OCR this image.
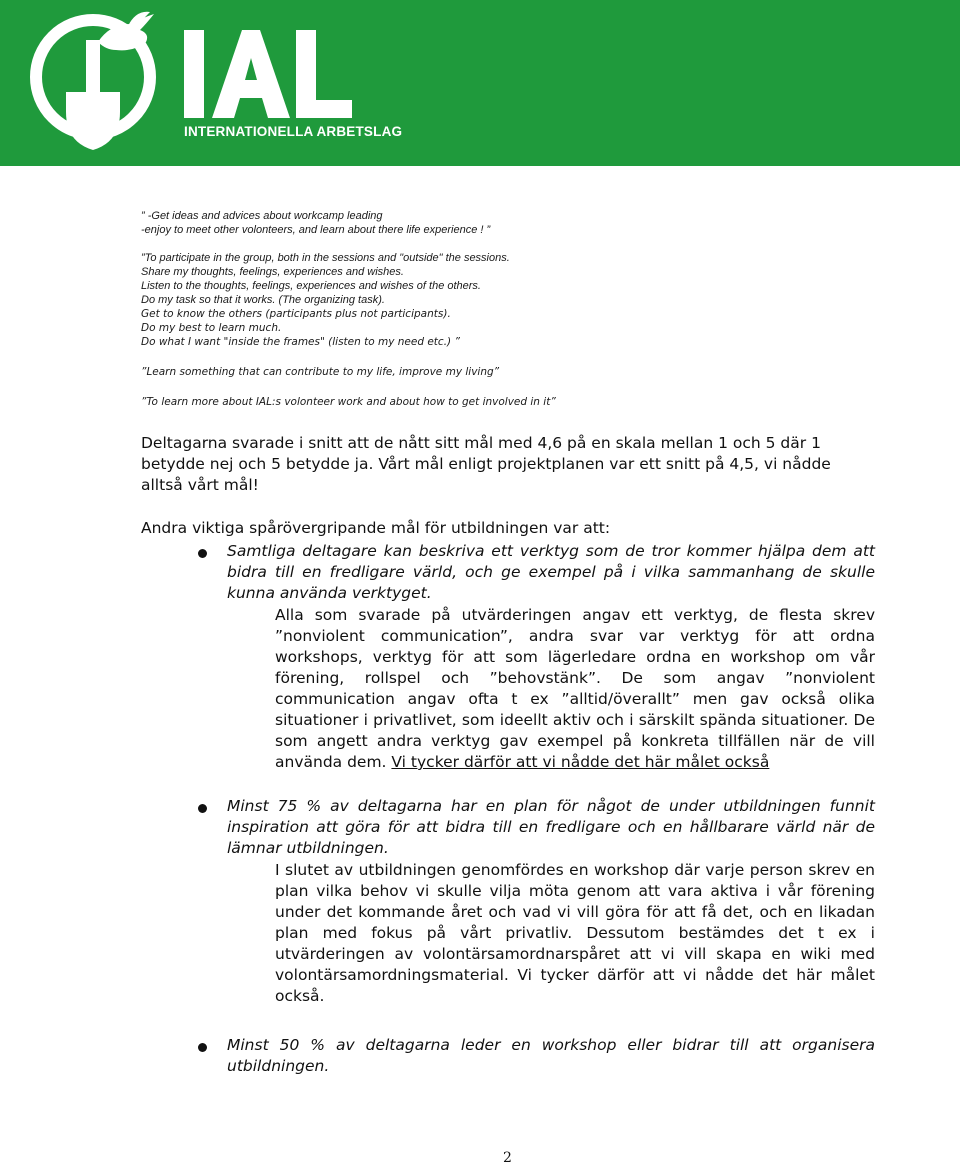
INTERNATIONELLA ARBETSLAG
” -Get ideas and advices about workcamp leading
-enjoy to meet other volonteers, and learn about there life experience ! ”
”To participate in the group, both in the sessions and "outside" the sessions.
Share my thoughts, feelings, experiences and wishes.
Listen to the thoughts, feelings, experiences and wishes of the others.
Do my task so that it works. (The organizing task).
Get to know the others (participants plus not participants).
Do my best to learn much.
Do what I want "inside the frames" (listen to my need etc.) ”
”Learn something that can contribute to my life, improve my living”
”To learn more about IAL:s volonteer work and about how to get involved in it”
Deltagarna svarade i snitt att de nått sitt mål med 4,6 på en skala mellan 1 och 5 där 1 betydde nej och 5 betydde ja. Vårt mål enligt projektplanen var ett snitt på 4,5, vi nådde alltså vårt mål!
Andra viktiga spårövergripande mål för utbildningen var att:
Samtliga deltagare kan beskriva ett verktyg som de tror kommer hjälpa dem att bidra till en fredligare värld, och ge exempel på i vilka sammanhang de skulle kunna använda verktyget.
Alla som svarade på utvärderingen angav ett verktyg, de flesta skrev ”nonviolent communication”, andra svar var verktyg för att ordna workshops, verktyg för att som lägerledare ordna en workshop om vår förening, rollspel och ”behovstänk”. De som angav ”nonviolent communication angav ofta t ex ”alltid/överallt” men gav också olika situationer i privatlivet, som ideellt aktiv och i särskilt spända situationer. De som angett andra verktyg gav exempel på konkreta tillfällen när de vill använda dem. Vi tycker därför att vi nådde det här målet också
Minst 75 % av deltagarna har en plan för något de under utbildningen funnit inspiration att göra för att bidra till en fredligare och en hållbarare värld när de lämnar utbildningen.
I slutet av utbildningen genomfördes en workshop där varje person skrev en plan vilka behov vi skulle vilja möta genom att vara aktiva i vår förening under det kommande året och vad vi vill göra för att få det, och en likadan plan med fokus på vårt privatliv. Dessutom bestämdes det t ex i utvärderingen av volontärsamordnarspåret att vi vill skapa en wiki med volontärsamordningsmaterial. Vi tycker därför att vi nådde det här målet också.
Minst 50 % av deltagarna leder en workshop eller bidrar till att organisera utbildningen.
2
